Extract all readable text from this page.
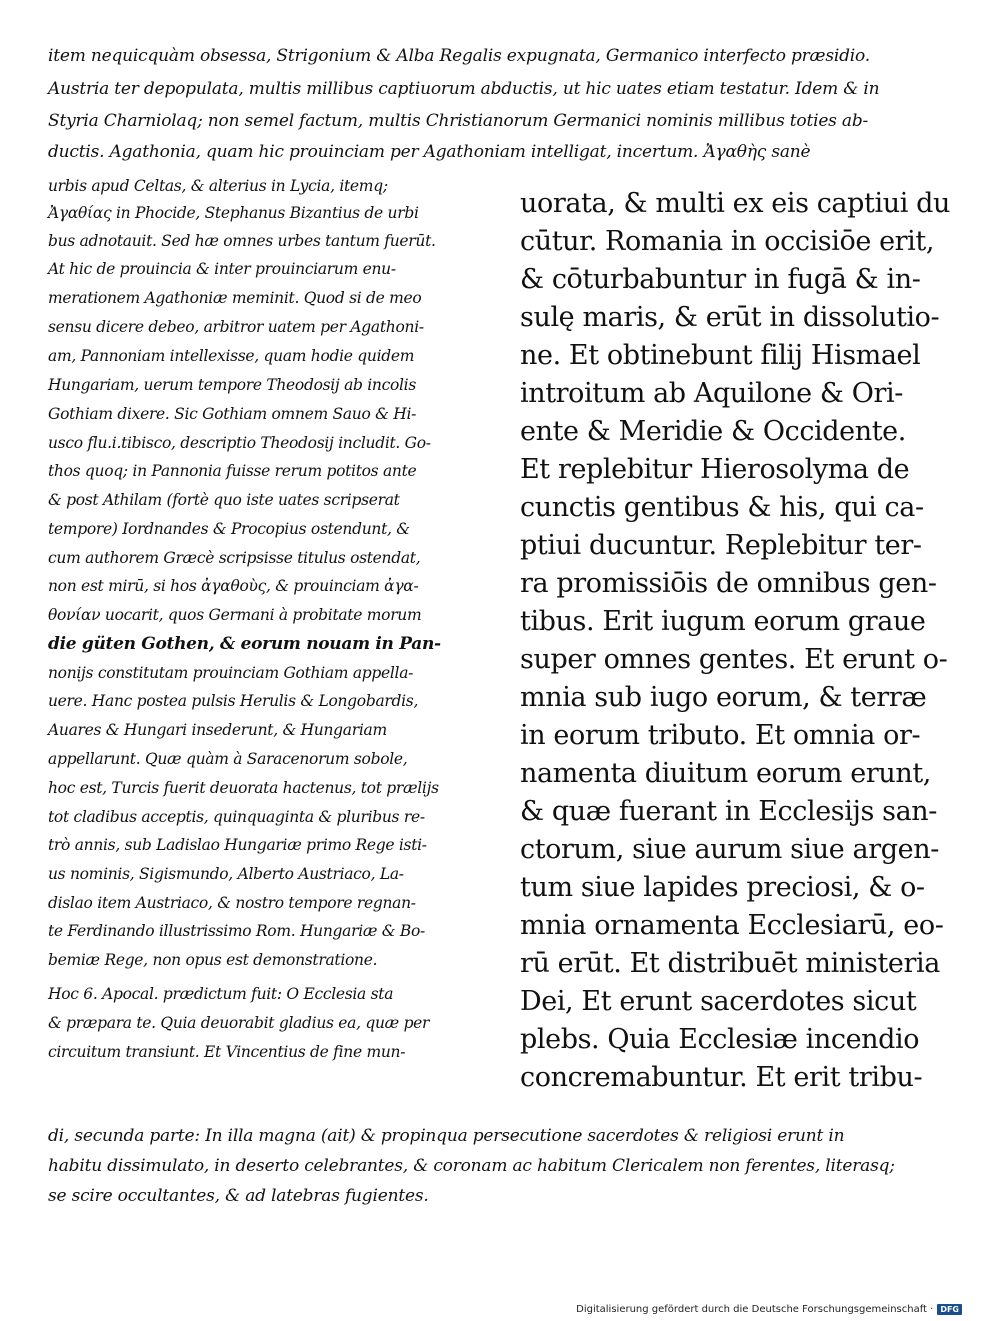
item nequicquàm obsessa, Strigonium & Alba Regalis expugnata, Germanico interfecto præsidio.
Austria ter depopulata, multis millibus captiuorum abductis, ut hic uates etiam testatur. Idem & in
Styria Charniolaq; non semel factum, multis Christianorum Germanici nominis millibus toties ab-
ductis. Agathonia, quam hic prouinciam per Agathoniam intelligat, incertum. Ἀγαθὴς sanè
urbis apud Celtas, & alterius in Lycia, itemq;
Ἀγαθίας in Phocide, Stephanus Bizantius de urbi
bus adnotauit. Sed hæ omnes urbes tantum fuerūt.
At hic de prouincia & inter prouinciarum enu-
merationem Agathoniæ meminit. Quod si de meo
sensu dicere debeo, arbitror uatem per Agathoni-
am, Pannoniam intellexisse, quam hodie quidem
Hungariam, uerum tempore Theodosij ab incolis
Gothiam dixere. Sic Gothiam omnem Sauo & Hi-
usco flu.i.tibisco, descriptio Theodosij includit. Go-
thos quoq; in Pannonia fuisse rerum potitos ante
& post Athilam (fortè quo iste uates scripserat
tempore) Iordnandes & Procopius ostendunt, &
cum authorem Græcè scripsisse titulus ostendat,
non est mirū, si hos ἀγαθοὺς, & prouinciam ἀγα-
θονίαν uocarit, quos Germani à probitate morum
die güten Gothen, & eorum nouam in Pan-
nonijs constitutam prouinciam Gothiam appella-
uere. Hanc postea pulsis Herulis & Longobardis,
Auares & Hungari insederunt, & Hungariam
appellarunt. Quæ quàm à Saracenorum sobole,
hoc est, Turcis fuerit deuorata hactenus, tot prælijs
tot cladibus acceptis, quinquaginta & pluribus re-
trò annis, sub Ladislao Hungariæ primo Rege isti-
us nominis, Sigismundo, Alberto Austriaco, La-
dislao item Austriaco, & nostro tempore regnan-
te Ferdinando illustrissimo Rom. Hungariæ & Bo-
bemiæ Rege, non opus est demonstratione.
Hoc 6. Apocal. prædictum fuit: O Ecclesia sta
& præpara te. Quia deuorabit gladius ea, quæ per
circuitum transiunt. Et Vincentius de fine mun-
uorata, & multi ex eis captiui du
cūtur. Romania in occisiōe erit,
& cōturbabuntur in fugā & in-
sulę maris, & erūt in dissolutio-
ne. Et obtinebunt filij Hismael
introitum ab Aquilone & Ori-
ente & Meridie & Occidente.
Et replebitur Hierosolyma de
cunctis gentibus & his, qui ca-
ptiui ducuntur. Replebitur ter-
ra promissiōis de omnibus gen-
tibus. Erit iugum eorum graue
super omnes gentes. Et erunt o-
mnia sub iugo eorum, & terræ
in eorum tributo. Et omnia or-
namenta diuitum eorum erunt,
& quæ fuerant in Ecclesijs san-
ctorum, siue aurum siue argen-
tum siue lapides preciosi, & o-
mnia ornamenta Ecclesiarū, eo-
rū erūt. Et distribuēt ministeria
Dei, Et erunt sacerdotes sicut
plebs. Quia Ecclesiæ incendio
concremabuntur. Et erit tribu-
di, secunda parte: In illa magna (ait) & propinqua persecutione sacerdotes & religiosi erunt in
habitu dissimulato, in deserto celebrantes, & coronam ac habitum Clericalem non ferentes, literasq;
se scire occultantes, & ad latebras fugientes.
Digitalisierung gefördert durch die Deutsche Forschungsgemeinschaft · DFG
